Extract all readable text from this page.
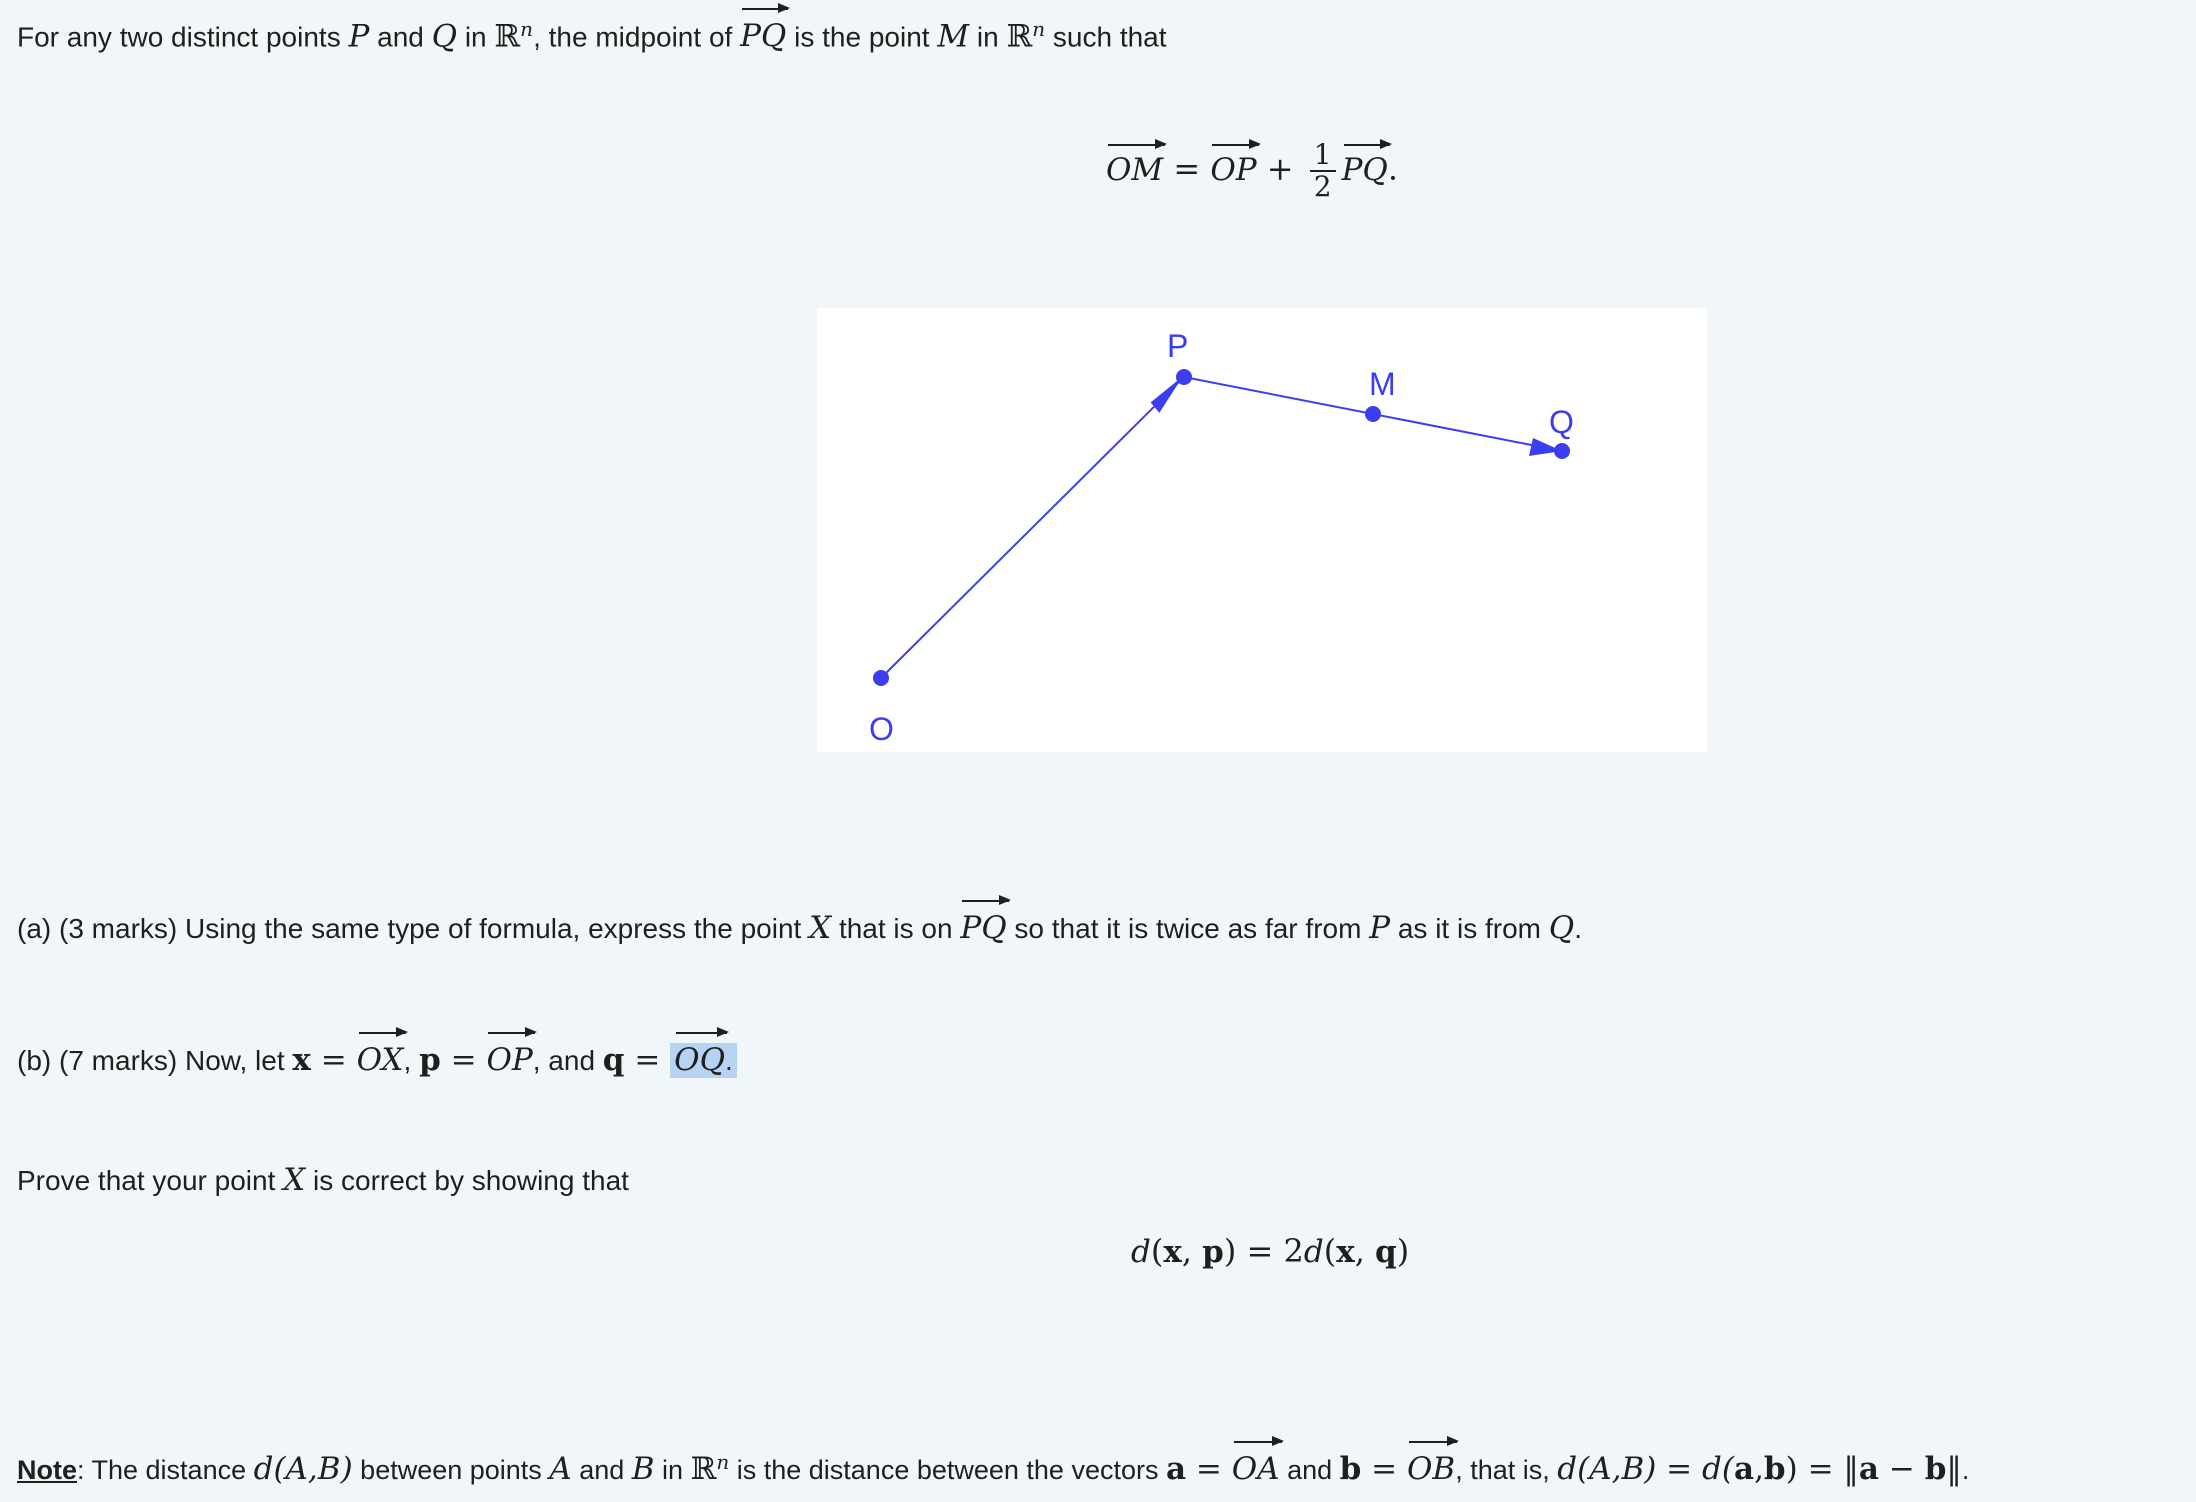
For any two distinct points P and Q in ℝ$^n$, the midpoint of PQ is the point M in ℝ$^n$ such that
OM = OP + $\frac{1}{2}$ PQ.
P
M
Q
O
(a) (3 marks) Using the same type of formula, express the point X that is on PQ so that it is twice as far from P as it is from Q.
(b) (7 marks) Now, let x = OX, p = OP, and q = OQ.
Prove that your point X is correct by showing that
d(x, p) = 2d(x, q)
Note: The distance d(A,B) between points A and B in ℝ$^n$ is the distance between the vectors a = OA and b = OB, that is, d(A,B) = d(a,b) = ‖a − b‖.
